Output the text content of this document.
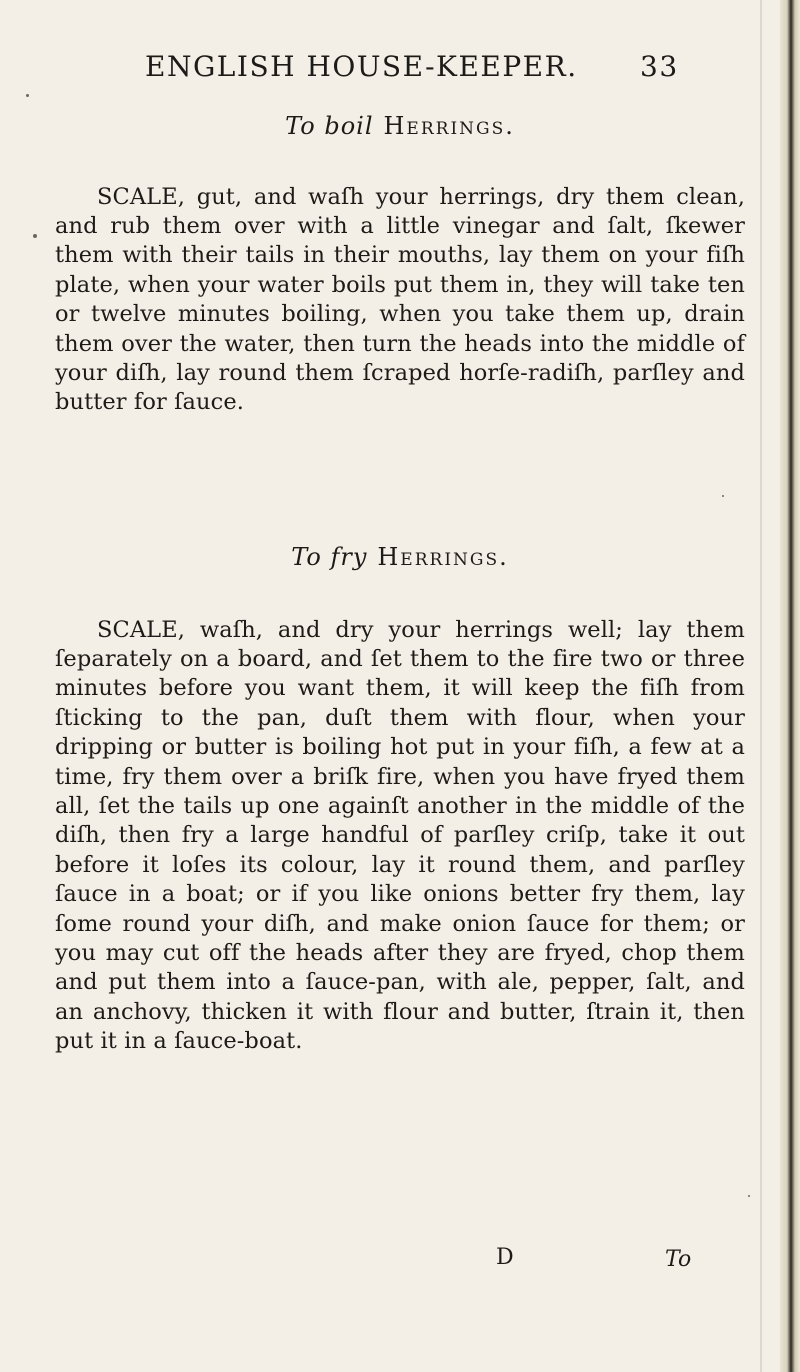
ENGLISH HOUSE-KEEPER. 33
To boil Herrings.

SCALE, gut, and waſh your herrings, dry them clean, and rub them over with a little vinegar and ſalt, ſkewer them with their tails in their mouths, lay them on your fiſh plate, when your water boils put them in, they will take ten or twelve minutes boiling, when you take them up, drain them over the water, then turn the heads into the middle of your diſh, lay round them ſcraped horſe-radiſh, parſley and butter for ſauce.

To fry Herrings.

SCALE, waſh, and dry your herrings well; lay them ſeparately on a board, and ſet them to the fire two or three minutes before you want them, it will keep the fiſh from ſticking to the pan, duſt them with flour, when your dripping or butter is boiling hot put in your fiſh, a few at a time, fry them over a briſk fire, when you have fryed them all, ſet the tails up one againſt another in the middle of the diſh, then fry a large handful of parſley criſp, take it out before it loſes its colour, lay it round them, and parſley ſauce in a boat; or if you like onions better fry them, lay ſome round your diſh, and make onion ſauce for them; or you may cut off the heads after they are fryed, chop them and put them into a ſauce-pan, with ale, pepper, ſalt, and an anchovy, thicken it with flour and butter, ſtrain it, then put it in a ſauce-boat.

D	To
